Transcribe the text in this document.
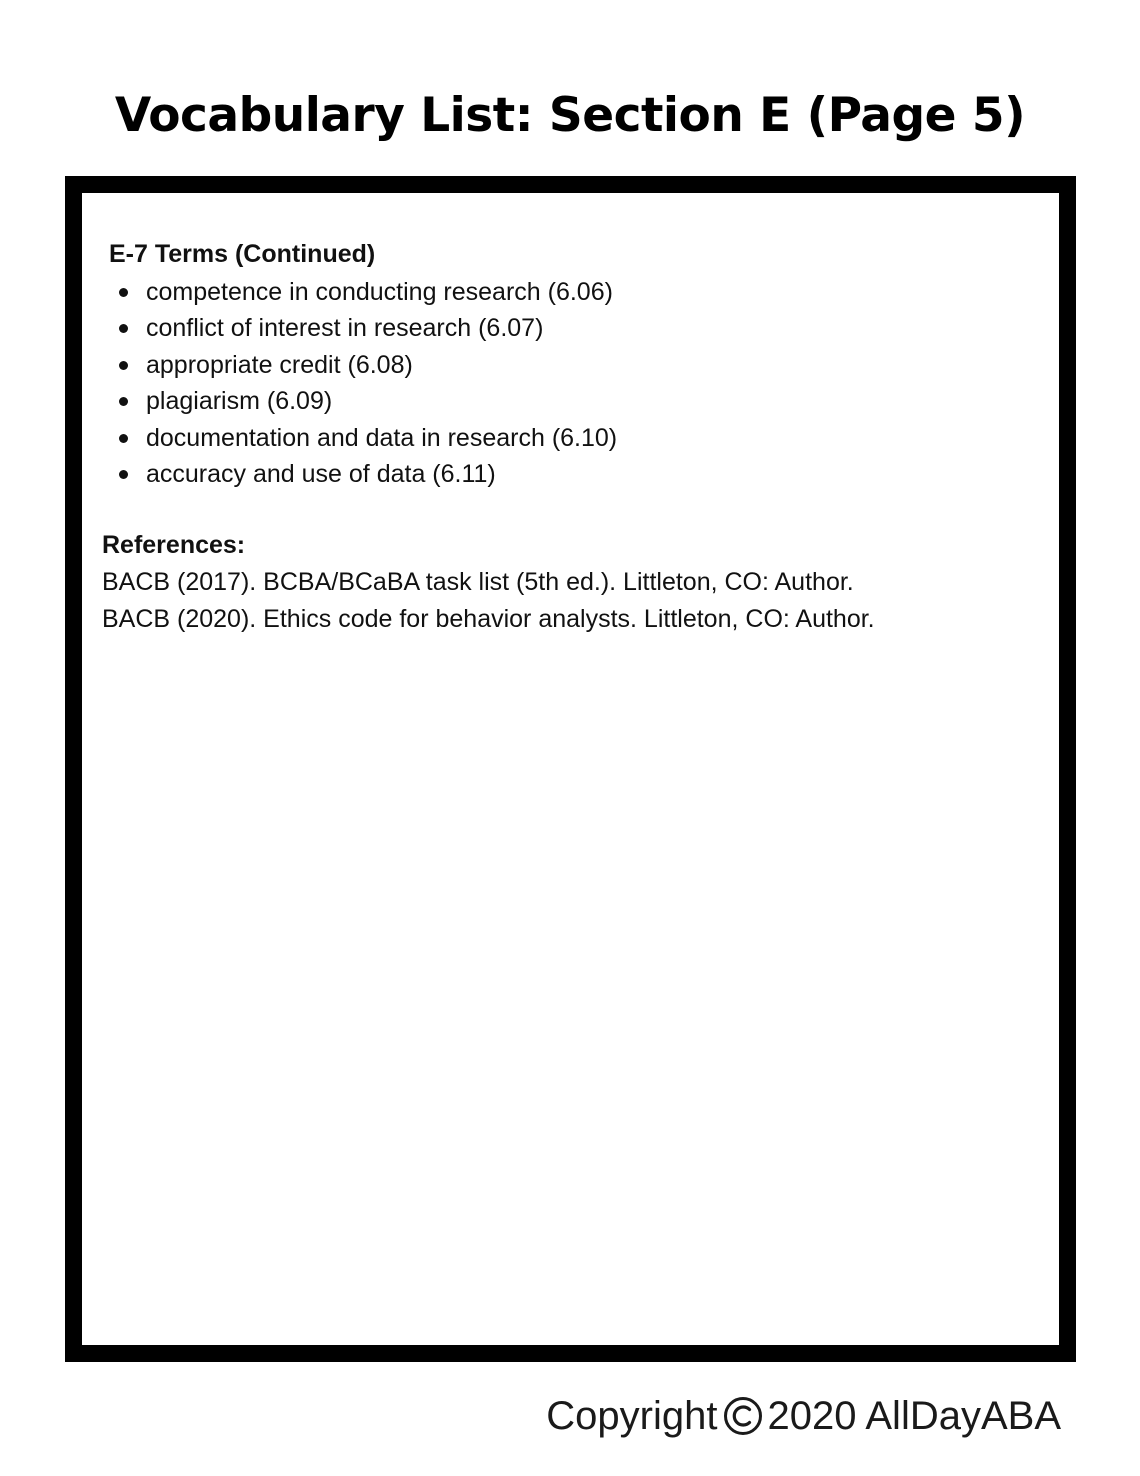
Vocabulary List: Section E (Page 5)
E-7 Terms (Continued)
competence in conducting research (6.06)
conflict of interest in research (6.07)
appropriate credit (6.08)
plagiarism (6.09)
documentation and data in research (6.10)
accuracy and use of data (6.11)
References:
BACB (2017). BCBA/BCaBA task list (5th ed.). Littleton, CO: Author.
BACB (2020). Ethics code for behavior analysts. Littleton, CO: Author.
Copyright 2020 AllDayABA
